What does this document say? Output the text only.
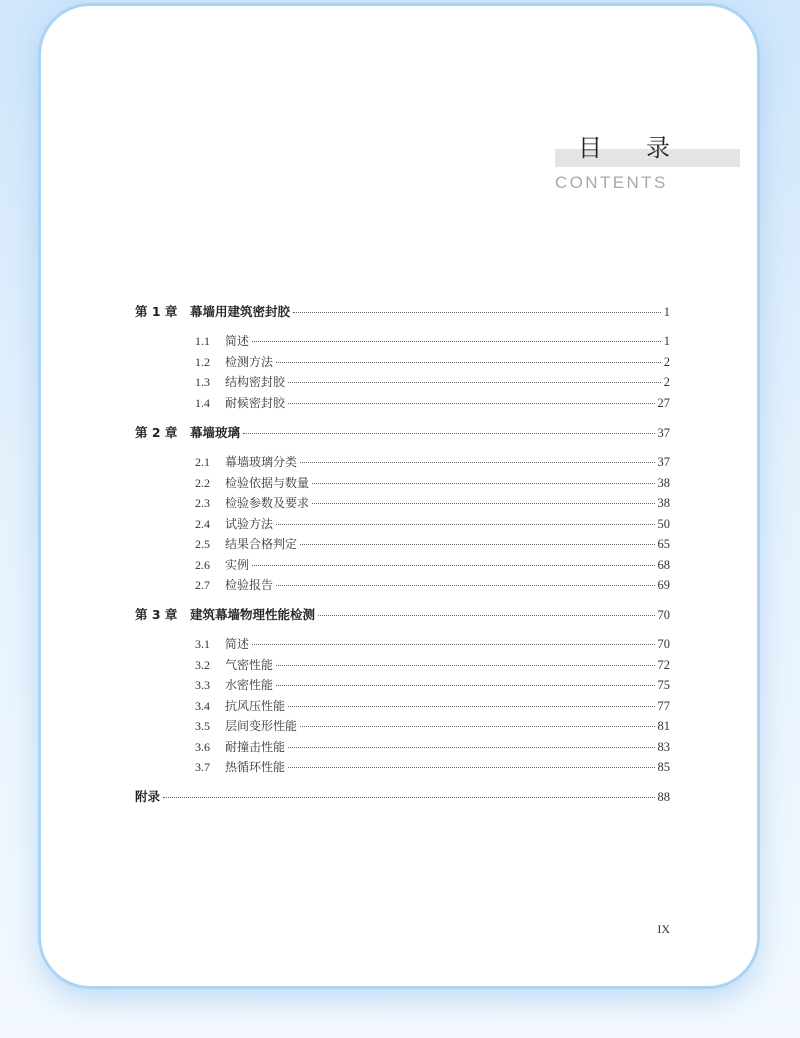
目 录
CONTENTS
第 1 章	幕墙用建筑密封胶	1
1.1	简述	1
1.2	检测方法	2
1.3	结构密封胶	2
1.4	耐候密封胶	27
第 2 章	幕墙玻璃	37
2.1	幕墙玻璃分类	37
2.2	检验依据与数量	38
2.3	检验参数及要求	38
2.4	试验方法	50
2.5	结果合格判定	65
2.6	实例	68
2.7	检验报告	69
第 3 章	建筑幕墙物理性能检测	70
3.1	简述	70
3.2	气密性能	72
3.3	水密性能	75
3.4	抗风压性能	77
3.5	层间变形性能	81
3.6	耐撞击性能	83
3.7	热循环性能	85
附录	88
IX
